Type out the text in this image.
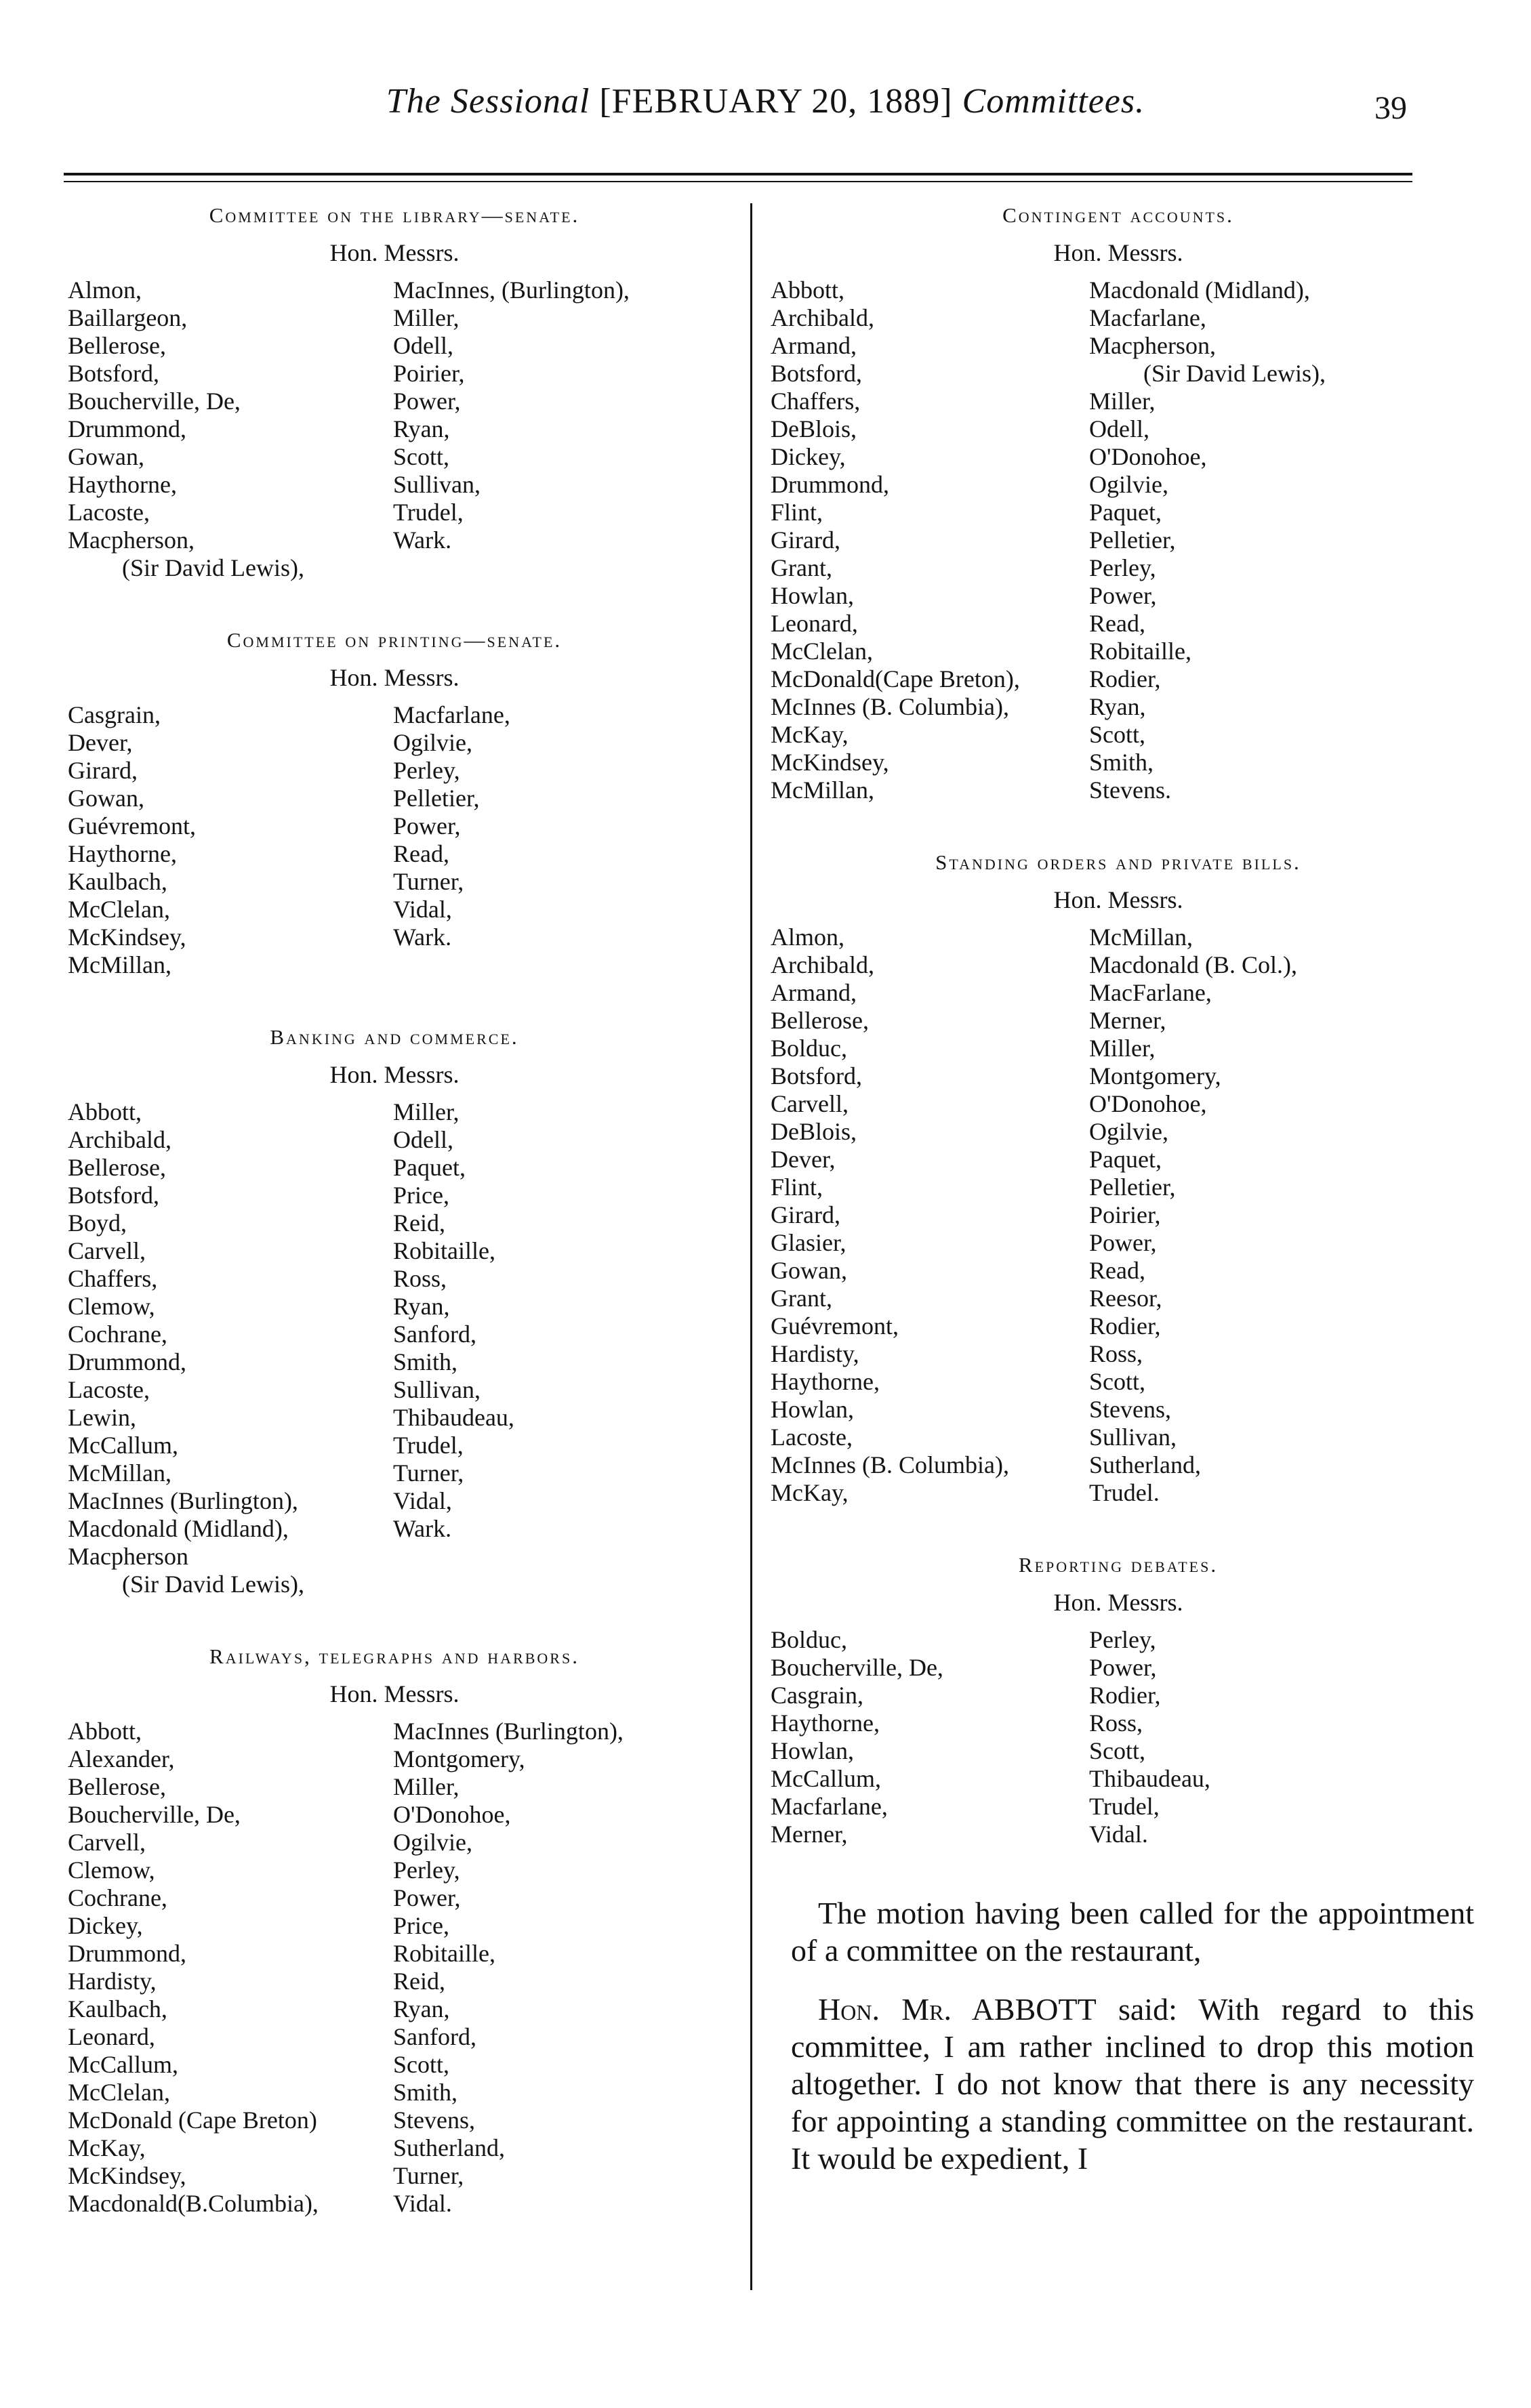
The Sessional [FEBRUARY 20, 1889] Committees.	39
Committee on the library—senate.
Hon. Messrs.
Almon,
Baillargeon,
Bellerose,
Botsford,
Boucherville, De,
Drummond,
Gowan,
Haythorne,
Lacoste,
Macpherson,
(Sir David Lewis),
MacInnes, (Burlington),
Miller,
Odell,
Poirier,
Power,
Ryan,
Scott,
Sullivan,
Trudel,
Wark.
Committee on printing—senate.
Hon. Messrs.
Casgrain,
Dever,
Girard,
Gowan,
Guévremont,
Haythorne,
Kaulbach,
McClelan,
McKindsey,
McMillan,
Macfarlane,
Ogilvie,
Perley,
Pelletier,
Power,
Read,
Turner,
Vidal,
Wark.
Banking and commerce.
Hon. Messrs.
Abbott,
Archibald,
Bellerose,
Botsford,
Boyd,
Carvell,
Chaffers,
Clemow,
Cochrane,
Drummond,
Lacoste,
Lewin,
McCallum,
McMillan,
MacInnes (Burlington),
Macdonald (Midland),
Macpherson
(Sir David Lewis),
Miller,
Odell,
Paquet,
Price,
Reid,
Robitaille,
Ross,
Ryan,
Sanford,
Smith,
Sullivan,
Thibaudeau,
Trudel,
Turner,
Vidal,
Wark.
Railways, telegraphs and harbors.
Hon. Messrs.
Abbott,
Alexander,
Bellerose,
Boucherville, De,
Carvell,
Clemow,
Cochrane,
Dickey,
Drummond,
Hardisty,
Kaulbach,
Leonard,
McCallum,
McClelan,
McDonald (Cape Breton)
McKay,
McKindsey,
Macdonald(B.Columbia),
MacInnes (Burlington),
Montgomery,
Miller,
O'Donohoe,
Ogilvie,
Perley,
Power,
Price,
Robitaille,
Reid,
Ryan,
Sanford,
Scott,
Smith,
Stevens,
Sutherland,
Turner,
Vidal.
Contingent accounts.
Hon. Messrs.
Abbott,
Archibald,
Armand,
Botsford,
Chaffers,
DeBlois,
Dickey,
Drummond,
Flint,
Girard,
Grant,
Howlan,
Leonard,
McClelan,
McDonald(Cape Breton),
McInnes (B. Columbia),
McKay,
McKindsey,
McMillan,
Macdonald (Midland),
Macfarlane,
Macpherson,
(Sir David Lewis),
Miller,
Odell,
O'Donohoe,
Ogilvie,
Paquet,
Pelletier,
Perley,
Power,
Read,
Robitaille,
Rodier,
Ryan,
Scott,
Smith,
Stevens.
Standing orders and private bills.
Hon. Messrs.
Almon,
Archibald,
Armand,
Bellerose,
Bolduc,
Botsford,
Carvell,
DeBlois,
Dever,
Flint,
Girard,
Glasier,
Gowan,
Grant,
Guévremont,
Hardisty,
Haythorne,
Howlan,
Lacoste,
McInnes (B. Columbia),
McKay,
McMillan,
Macdonald (B. Col.),
MacFarlane,
Merner,
Miller,
Montgomery,
O'Donohoe,
Ogilvie,
Paquet,
Pelletier,
Poirier,
Power,
Read,
Reesor,
Rodier,
Ross,
Scott,
Stevens,
Sullivan,
Sutherland,
Trudel.
Reporting debates.
Hon. Messrs.
Bolduc,
Boucherville, De,
Casgrain,
Haythorne,
Howlan,
McCallum,
Macfarlane,
Merner,
Perley,
Power,
Rodier,
Ross,
Scott,
Thibaudeau,
Trudel,
Vidal.

The motion having been called for the appointment of a committee on the restaurant,

Hon. Mr. ABBOTT said: With regard to this committee, I am rather inclined to drop this motion altogether. I do not know that there is any necessity for appointing a standing committee on the restaurant. It would be expedient, I
